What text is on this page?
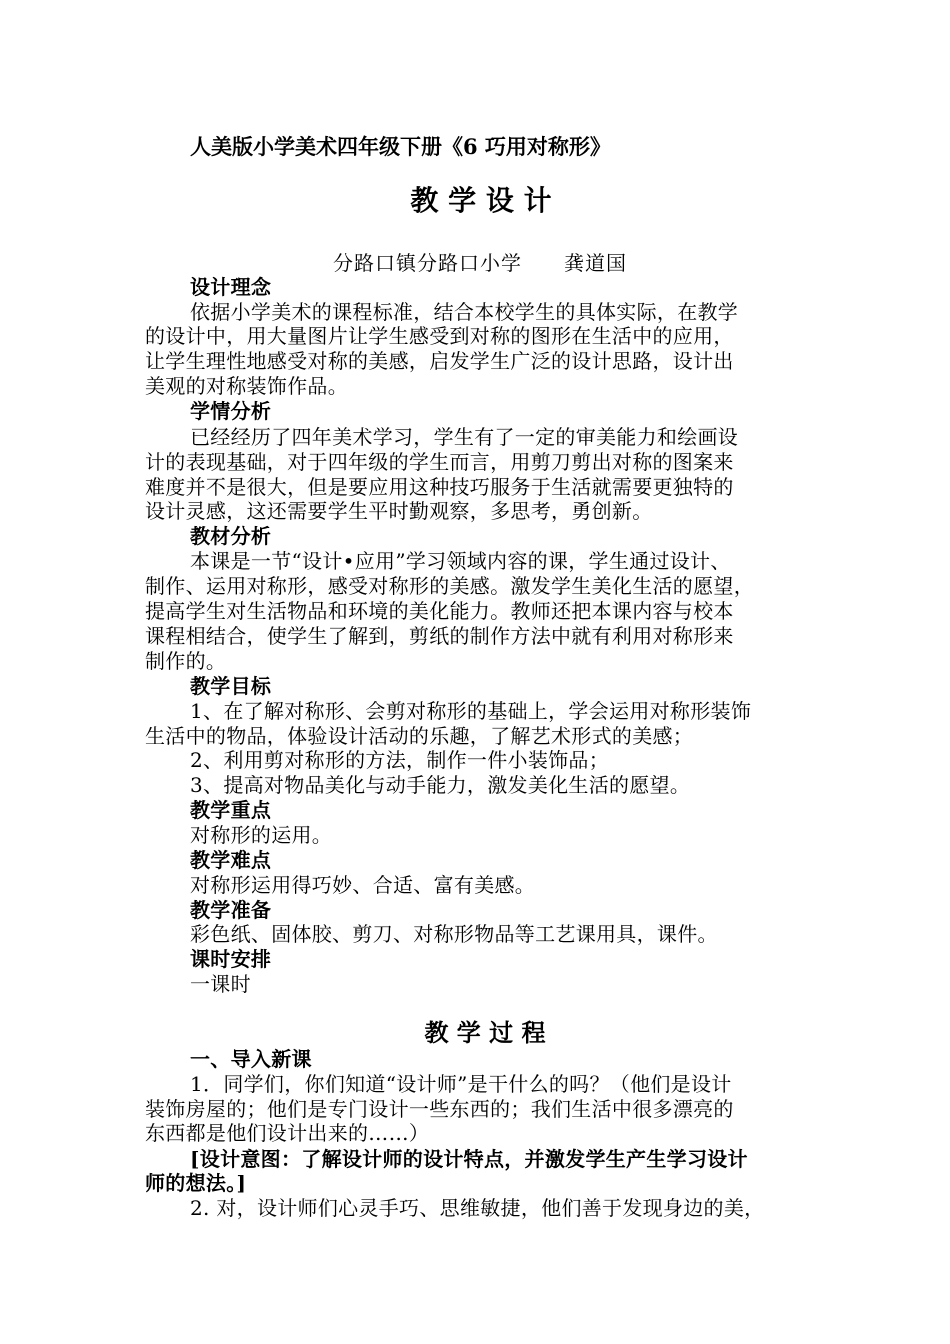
人美版小学美术四年级下册《6 巧用对称形》
教 学 设 计
分路口镇分路口小学　　龚道国
设计理念
依据小学美术的课程标准，结合本校学生的具体实际，在教学
的设计中，用大量图片让学生感受到对称的图形在生活中的应用，
让学生理性地感受对称的美感，启发学生广泛的设计思路，设计出
美观的对称装饰作品。
学情分析
已经经历了四年美术学习，学生有了一定的审美能力和绘画设
计的表现基础，对于四年级的学生而言，用剪刀剪出对称的图案来
难度并不是很大，但是要应用这种技巧服务于生活就需要更独特的
设计灵感，这还需要学生平时勤观察，多思考，勇创新。
教材分析
本课是一节“设计•应用”学习领域内容的课，学生通过设计、
制作、运用对称形，感受对称形的美感。激发学生美化生活的愿望，
提高学生对生活物品和环境的美化能力。教师还把本课内容与校本
课程相结合，使学生了解到，剪纸的制作方法中就有利用对称形来
制作的。
教学目标
1、在了解对称形、会剪对称形的基础上，学会运用对称形装饰
生活中的物品，体验设计活动的乐趣，了解艺术形式的美感；
2、利用剪对称形的方法，制作一件小装饰品；
3、提高对物品美化与动手能力，激发美化生活的愿望。
教学重点
对称形的运用。
教学难点
对称形运用得巧妙、合适、富有美感。
教学准备
彩色纸、固体胶、剪刀、对称形物品等工艺课用具，课件。
课时安排
一课时
教 学 过 程
一、导入新课
1．同学们，你们知道“设计师”是干什么的吗？（他们是设计
装饰房屋的；他们是专门设计一些东西的；我们生活中很多漂亮的
东西都是他们设计出来的……）
[设计意图：了解设计师的设计特点，并激发学生产生学习设计
师的想法。]
2. 对，设计师们心灵手巧、思维敏捷，他们善于发现身边的美，
